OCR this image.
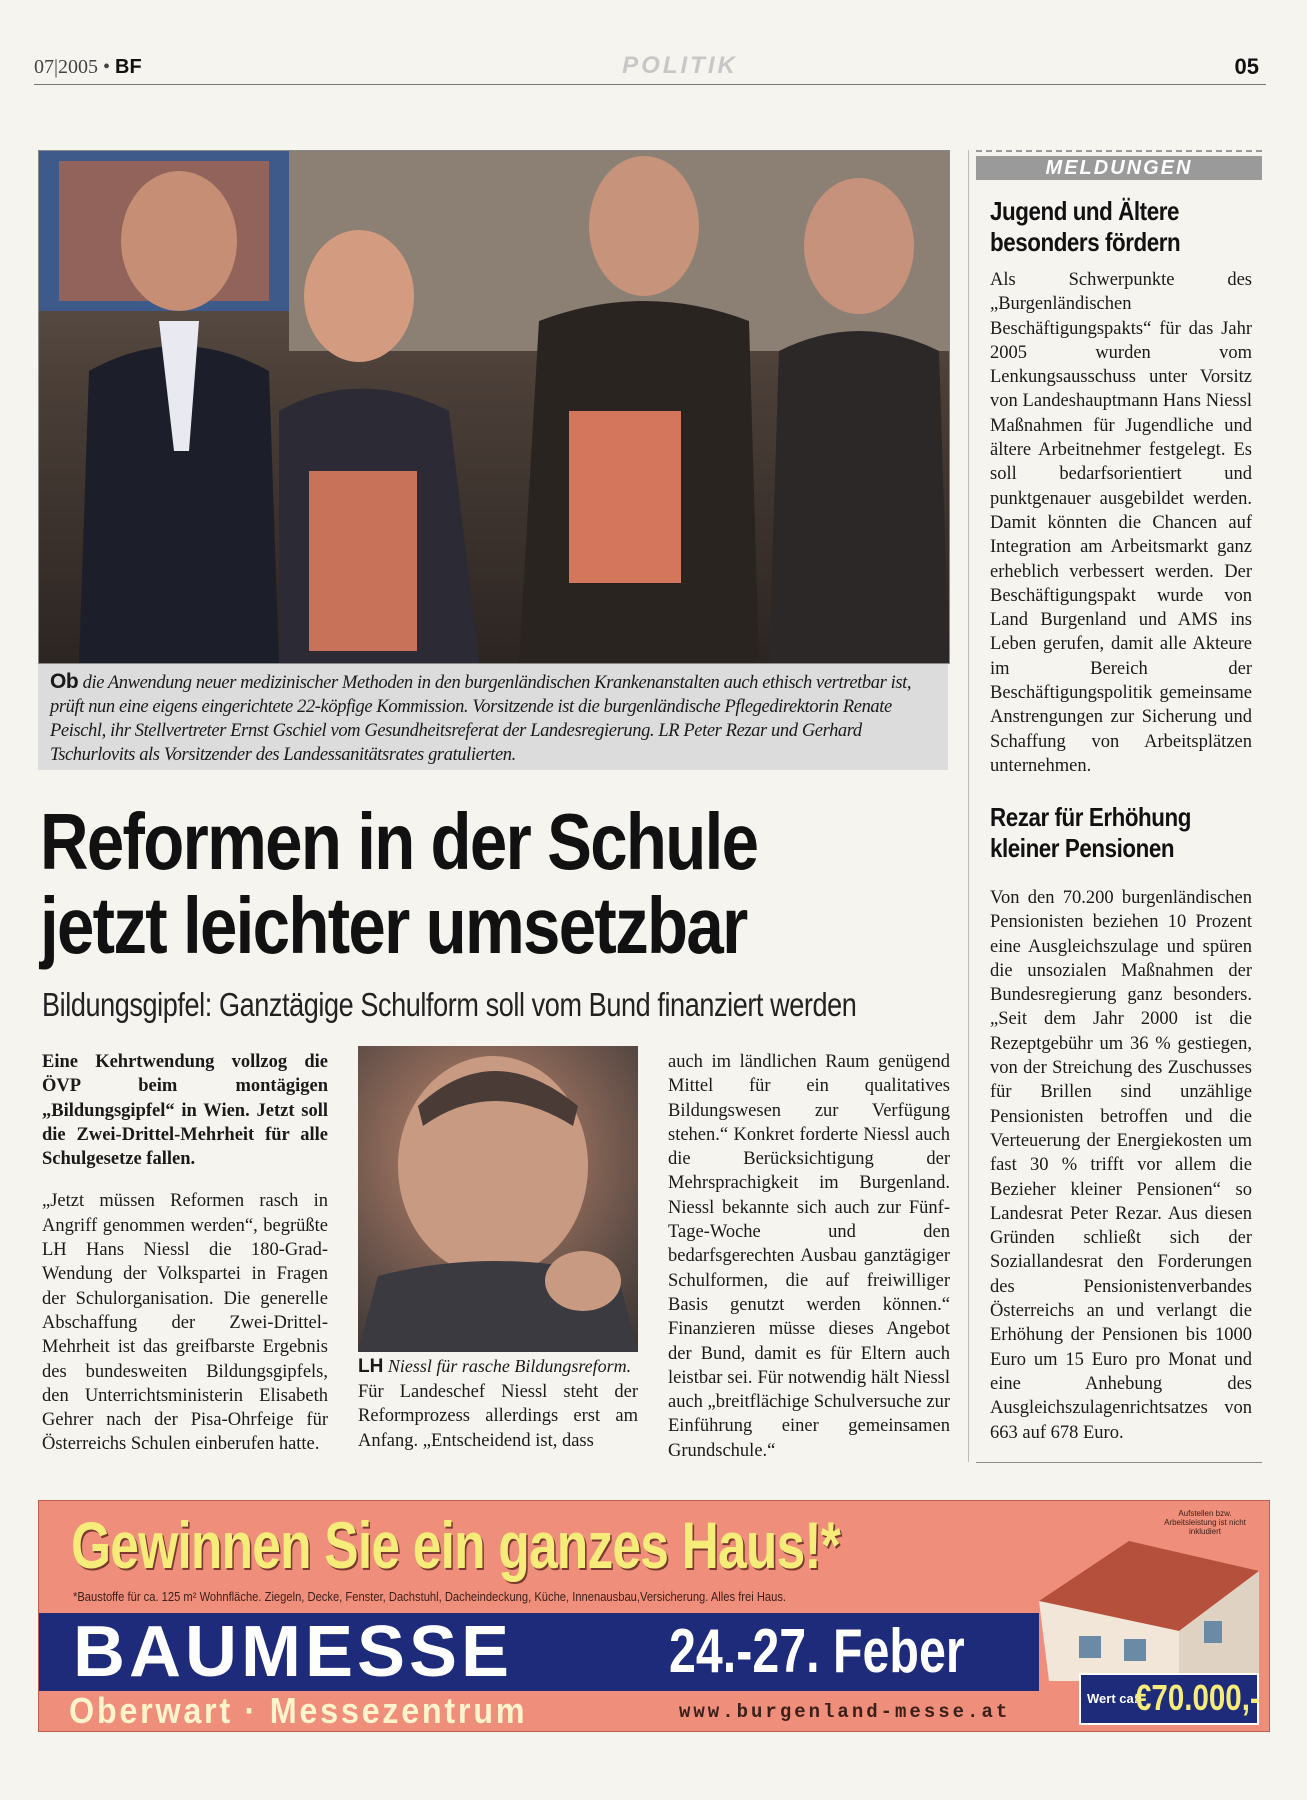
07|2005 • BF	POLITIK	05
Ob die Anwendung neuer medizinischer Methoden in den burgenländischen Krankenanstalten auch ethisch vertretbar ist, prüft nun eine eigens eingerichtete 22-köpfige Kommission. Vorsitzende ist die burgenländische Pflegedirektorin Renate Peischl, ihr Stellvertreter Ernst Gschiel vom Gesundheitsreferat der Landesregierung. LR Peter Rezar und Gerhard Tschurlovits als Vorsitzender des Landessanitätsrates gratulierten.
Reformen in der Schule
jetzt leichter umsetzbar
Bildungsgipfel: Ganztägige Schulform soll vom Bund finanziert werden
Eine Kehrtwendung vollzog die ÖVP beim montägigen „Bildungsgipfel“ in Wien. Jetzt soll die Zwei-Drittel-Mehrheit für alle Schulgesetze fallen.
„Jetzt müssen Reformen rasch in Angriff genommen werden“, begrüßte LH Hans Niessl die 180-Grad-Wendung der Volkspartei in Fragen der Schulorganisation. Die generelle Abschaffung der Zwei-Drittel-Mehrheit ist das greifbarste Ergebnis des bundesweiten Bildungsgipfels, den Unterrichtsministerin Elisabeth Gehrer nach der Pisa-Ohrfeige für Österreichs Schulen einberufen hatte.
LH Niessl für rasche Bildungsreform.
Für Landeschef Niessl steht der Reformprozess allerdings erst am Anfang. „Entscheidend ist, dass
auch im ländlichen Raum genügend Mittel für ein qualitatives Bildungswesen zur Verfügung stehen.“ Konkret forderte Niessl auch die Berücksichtigung der Mehrsprachigkeit im Burgenland. Niessl bekannte sich auch zur Fünf-Tage-Woche und den bedarfsgerechten Ausbau ganztägiger Schulformen, die auf freiwilliger Basis genutzt werden können.“ Finanzieren müsse dieses Angebot der Bund, damit es für Eltern auch leistbar sei. Für notwendig hält Niessl auch „breitflächige Schulversuche zur Einführung einer gemeinsamen Grundschule.“
MELDUNGEN
Jugend und Ältere
besonders fördern
Als Schwerpunkte des „Burgenländischen Beschäftigungspakts“ für das Jahr 2005 wurden vom Lenkungsausschuss unter Vorsitz von Landeshauptmann Hans Niessl Maßnahmen für Jugendliche und ältere Arbeitnehmer festgelegt. Es soll bedarfsorientiert und punktgenauer ausgebildet werden. Damit könnten die Chancen auf Integration am Arbeitsmarkt ganz erheblich verbessert werden. Der Beschäftigungspakt wurde von Land Burgenland und AMS ins Leben gerufen, damit alle Akteure im Bereich der Beschäftigungspolitik gemeinsame Anstrengungen zur Sicherung und Schaffung von Arbeitsplätzen unternehmen.
Rezar für Erhöhung
kleiner Pensionen
Von den 70.200 burgenländischen Pensionisten beziehen 10 Prozent eine Ausgleichszulage und spüren die unsozialen Maßnahmen der Bundesregierung ganz besonders. „Seit dem Jahr 2000 ist die Rezeptgebühr um 36 % gestiegen, von der Streichung des Zuschusses für Brillen sind unzählige Pensionisten betroffen und die Verteuerung der Energiekosten um fast 30 % trifft vor allem die Bezieher kleiner Pensionen“ so Landesrat Peter Rezar. Aus diesen Gründen schließt sich der Soziallandesrat den Forderungen des Pensionistenverbandes Österreichs an und verlangt die Erhöhung der Pensionen bis 1000 Euro um 15 Euro pro Monat und eine Anhebung des Ausgleichszulagenrichtsatzes von 663 auf 678 Euro.
Aufstellen bzw. Arbeitsleistung ist nicht inkludiert
Gewinnen Sie ein ganzes Haus!*
*Baustoffe für ca. 125 m² Wohnfläche. Ziegeln, Decke, Fenster, Dachstuhl, Dacheindeckung, Küche, Innenausbau,Versicherung. Alles frei Haus.
BAUMESSE	24.-27. Feber
Oberwart · Messezentrum	www.burgenland-messe.at
Wert ca:
€70.000,-
